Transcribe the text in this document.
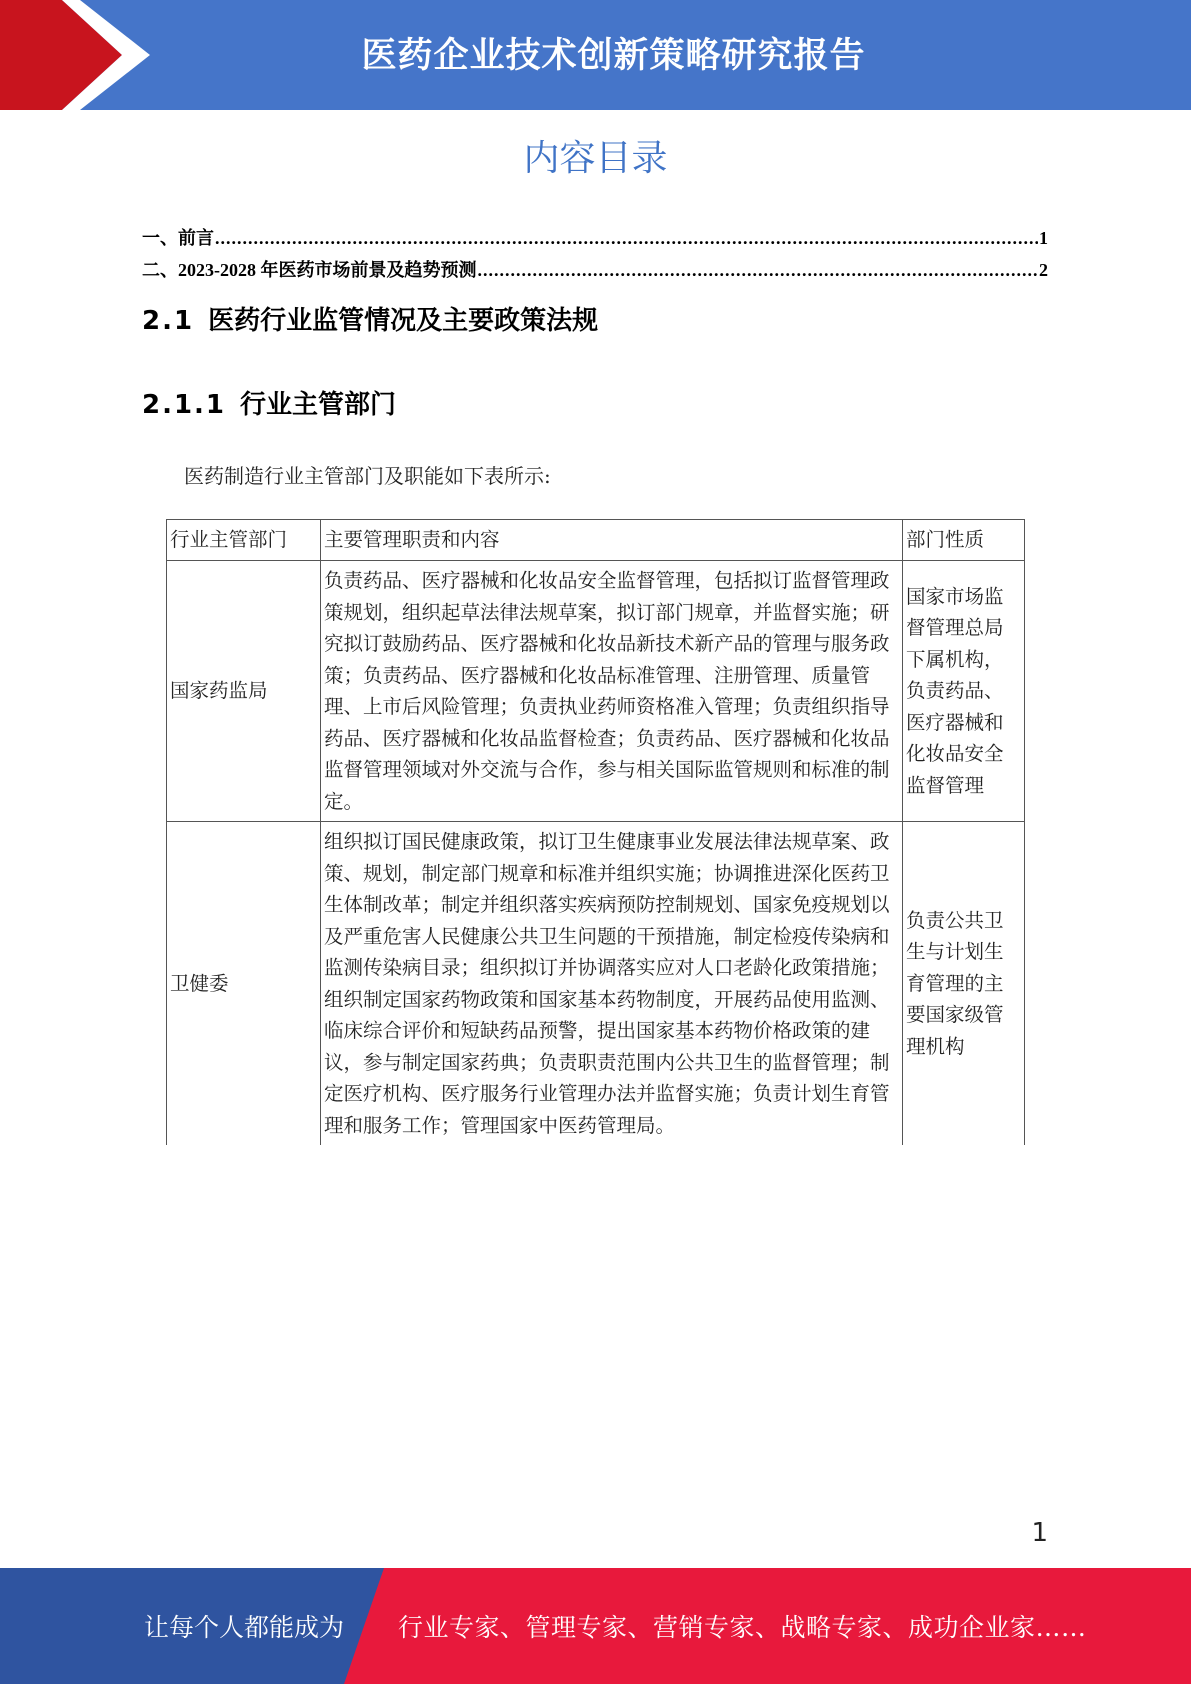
医药企业技术创新策略研究报告
内容目录
一、前言 .....	1
二、2023-2028 年医药市场前景及趋势预测 .....	2
2.1 医药行业监管情况及主要政策法规
2.1.1 行业主管部门
医药制造行业主管部门及职能如下表所示:
行业主管部门	主要管理职责和内容	部门性质
国家药监局	负责药品、医疗器械和化妆品安全监督管理，包括拟订监督管理政策规划，组织起草法律法规草案，拟订部门规章，并监督实施；研究拟订鼓励药品、医疗器械和化妆品新技术新产品的管理与服务政策；负责药品、医疗器械和化妆品标准管理、注册管理、质量管理、上市后风险管理；负责执业药师资格准入管理；负责组织指导药品、医疗器械和化妆品监督检查；负责药品、医疗器械和化妆品监督管理领域对外交流与合作，参与相关国际监管规则和标准的制定。	国家市场监督管理总局下属机构，负责药品、医疗器械和化妆品安全监督管理
卫健委	组织拟订国民健康政策，拟订卫生健康事业发展法律法规草案、政策、规划，制定部门规章和标准并组织实施；协调推进深化医药卫生体制改革；制定并组织落实疾病预防控制规划、国家免疫规划以及严重危害人民健康公共卫生问题的干预措施，制定检疫传染病和监测传染病目录；组织拟订并协调落实应对人口老龄化政策措施；组织制定国家药物政策和国家基本药物制度，开展药品使用监测、临床综合评价和短缺药品预警，提出国家基本药物价格政策的建议，参与制定国家药典；负责职责范围内公共卫生的监督管理；制定医疗机构、医疗服务行业管理办法并监督实施；负责计划生育管理和服务工作；管理国家中医药管理局。	负责公共卫生与计划生育管理的主要国家级管理机构
1
让每个人都能成为 行业专家、管理专家、营销专家、战略专家、成功企业家……
